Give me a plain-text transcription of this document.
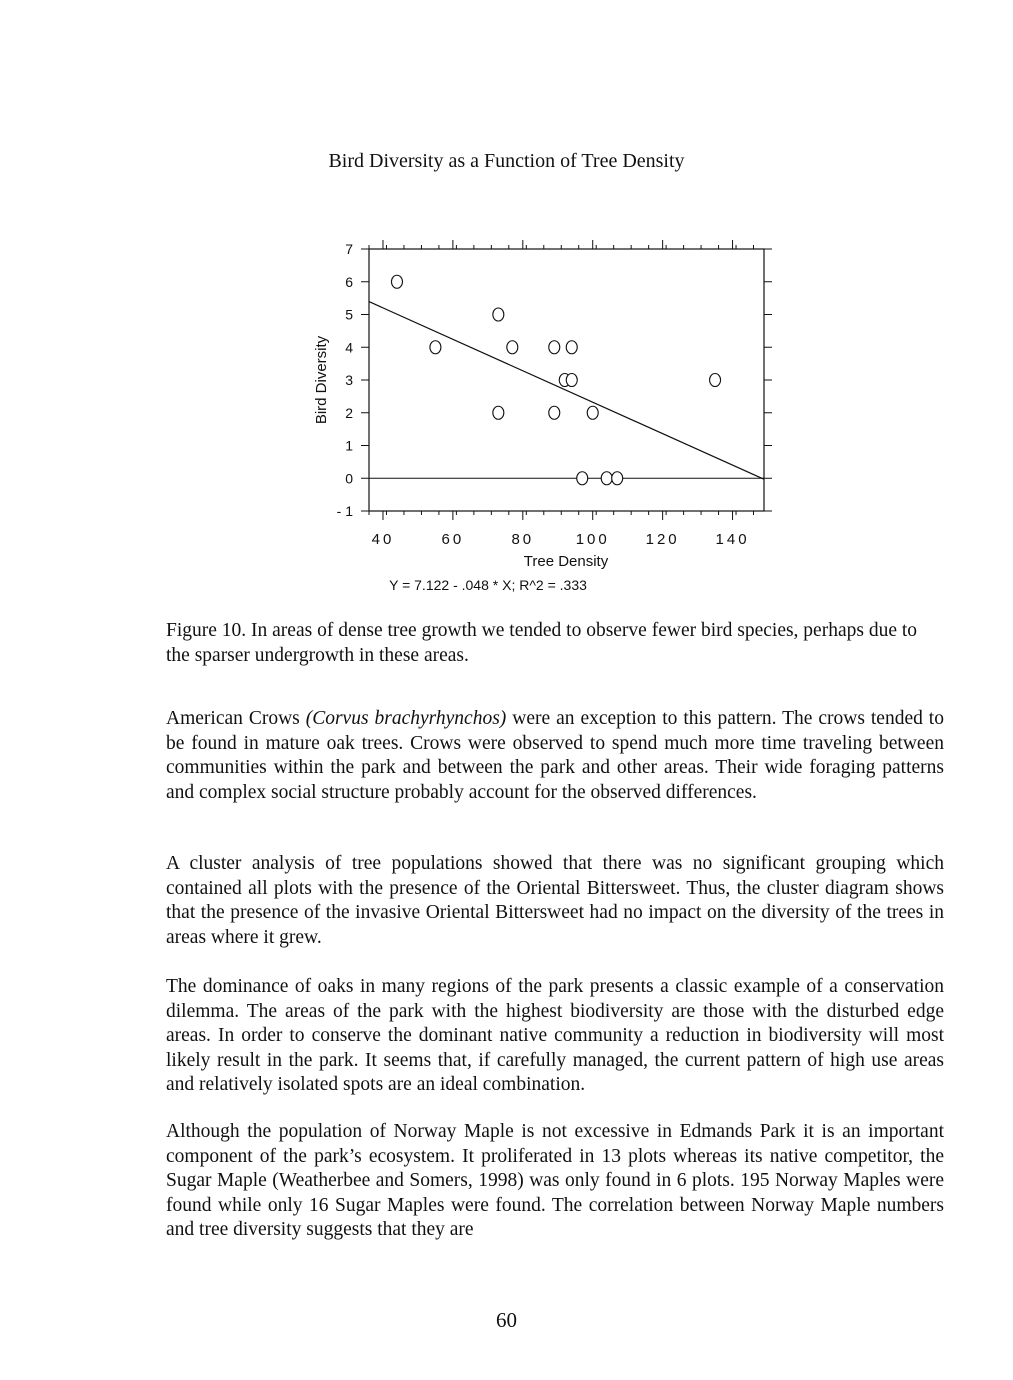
Bird Diversity as a Function of Tree Density
40	60	80	100 120 140
- 1
0
1
2
3
4
5
6
7
Tree Density
Bird Diversity
Y = 7.122 - .048 * X; R^2 = .333
Figure 10. In areas of dense tree growth we tended to observe fewer bird species, perhaps due to the sparser undergrowth in these areas.
American Crows (Corvus brachyrhynchos) were an exception to this pattern. The crows tended to be found in mature oak trees. Crows were observed to spend much more time traveling between communities within the park and between the park and other areas. Their wide foraging patterns and complex social structure probably account for the observed differences.
A cluster analysis of tree populations showed that there was no significant grouping which contained all plots with the presence of the Oriental Bittersweet. Thus, the cluster diagram shows that the presence of the invasive Oriental Bittersweet had no impact on the diversity of the trees in areas where it grew.
The dominance of oaks in many regions of the park presents a classic example of a conservation dilemma. The areas of the park with the highest biodiversity are those with the disturbed edge areas. In order to conserve the dominant native community a reduction in biodiversity will most likely result in the park. It seems that, if carefully managed, the current pattern of high use areas and relatively isolated spots are an ideal combination.
Although the population of Norway Maple is not excessive in Edmands Park it is an important component of the park’s ecosystem. It proliferated in 13 plots whereas its native competitor, the Sugar Maple (Weatherbee and Somers, 1998) was only found in 6 plots. 195 Norway Maples were found while only 16 Sugar Maples were found. The correlation between Norway Maple numbers and tree diversity suggests that they are
60
